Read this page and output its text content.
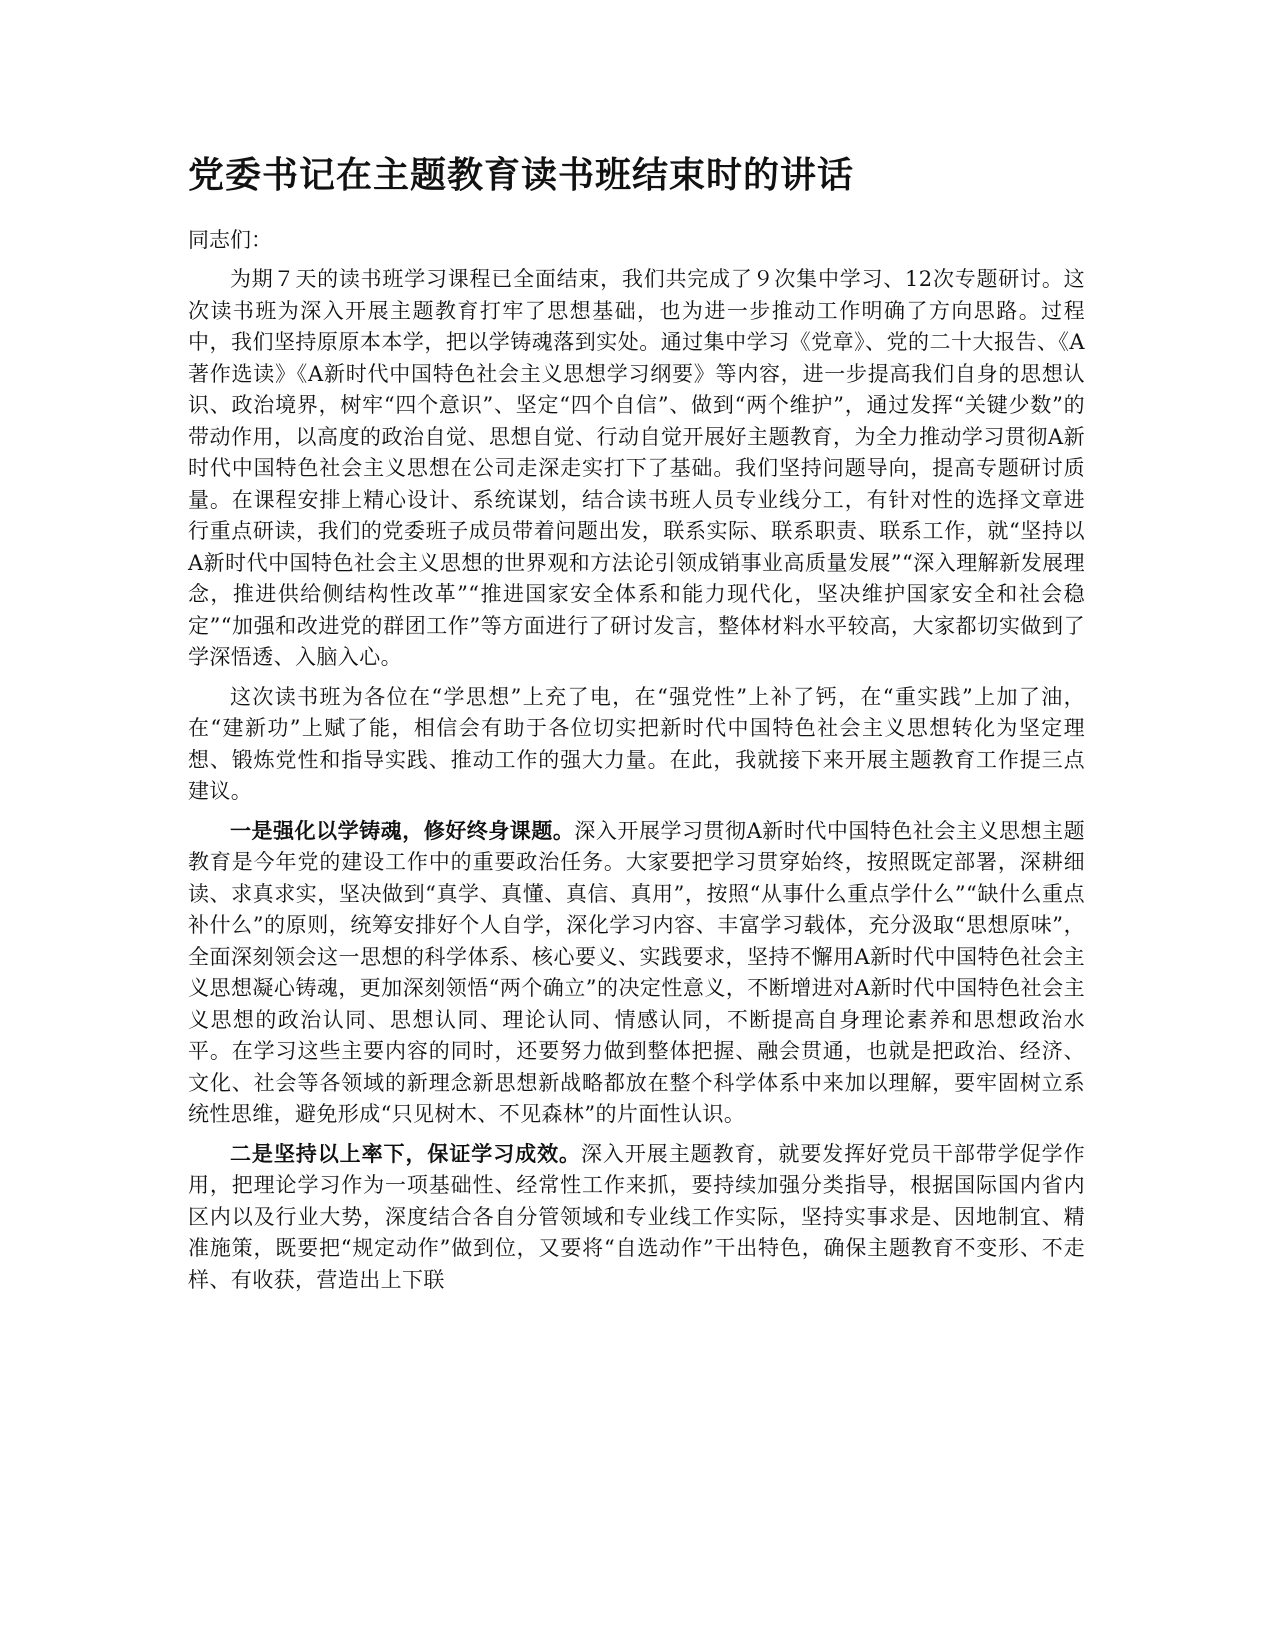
党委书记在主题教育读书班结束时的讲话

同志们：

为期７天的读书班学习课程已全面结束，我们共完成了９次集中学习、12次专题研讨。这次读书班为深入开展主题教育打牢了思想基础，也为进一步推动工作明确了方向思路。过程中，我们坚持原原本本学，把以学铸魂落到实处。通过集中学习《党章》、党的二十大报告、《A著作选读》《A新时代中国特色社会主义思想学习纲要》等内容，进一步提高我们自身的思想认识、政治境界，树牢“四个意识”、坚定“四个自信”、做到“两个维护”，通过发挥“关键少数”的带动作用，以高度的政治自觉、思想自觉、行动自觉开展好主题教育，为全力推动学习贯彻A新时代中国特色社会主义思想在公司走深走实打下了基础。我们坚持问题导向，提高专题研讨质量。在课程安排上精心设计、系统谋划，结合读书班人员专业线分工，有针对性的选择文章进行重点研读，我们的党委班子成员带着问题出发，联系实际、联系职责、联系工作，就“坚持以A新时代中国特色社会主义思想的世界观和方法论引领成销事业高质量发展”“深入理解新发展理念，推进供给侧结构性改革”“推进国家安全体系和能力现代化，坚决维护国家安全和社会稳定”“加强和改进党的群团工作”等方面进行了研讨发言，整体材料水平较高，大家都切实做到了学深悟透、入脑入心。

这次读书班为各位在“学思想”上充了电，在“强党性”上补了钙，在“重实践”上加了油，在“建新功”上赋了能，相信会有助于各位切实把新时代中国特色社会主义思想转化为坚定理想、锻炼党性和指导实践、推动工作的强大力量。在此，我就接下来开展主题教育工作提三点建议。

一是强化以学铸魂，修好终身课题。深入开展学习贯彻A新时代中国特色社会主义思想主题教育是今年党的建设工作中的重要政治任务。大家要把学习贯穿始终，按照既定部署，深耕细读、求真求实，坚决做到“真学、真懂、真信、真用”，按照“从事什么重点学什么”“缺什么重点补什么”的原则，统筹安排好个人自学，深化学习内容、丰富学习载体，充分汲取“思想原味”，全面深刻领会这一思想的科学体系、核心要义、实践要求，坚持不懈用A新时代中国特色社会主义思想凝心铸魂，更加深刻领悟“两个确立”的决定性意义，不断增进对A新时代中国特色社会主义思想的政治认同、思想认同、理论认同、情感认同，不断提高自身理论素养和思想政治水平。在学习这些主要内容的同时，还要努力做到整体把握、融会贯通，也就是把政治、经济、文化、社会等各领域的新理念新思想新战略都放在整个科学体系中来加以理解，要牢固树立系统性思维，避免形成“只见树木、不见森林”的片面性认识。

二是坚持以上率下，保证学习成效。深入开展主题教育，就要发挥好党员干部带学促学作用，把理论学习作为一项基础性、经常性工作来抓，要持续加强分类指导，根据国际国内省内区内以及行业大势，深度结合各自分管领域和专业线工作实际，坚持实事求是、因地制宜、精准施策，既要把“规定动作”做到位，又要将“自选动作”干出特色，确保主题教育不变形、不走样、有收获，营造出上下联
